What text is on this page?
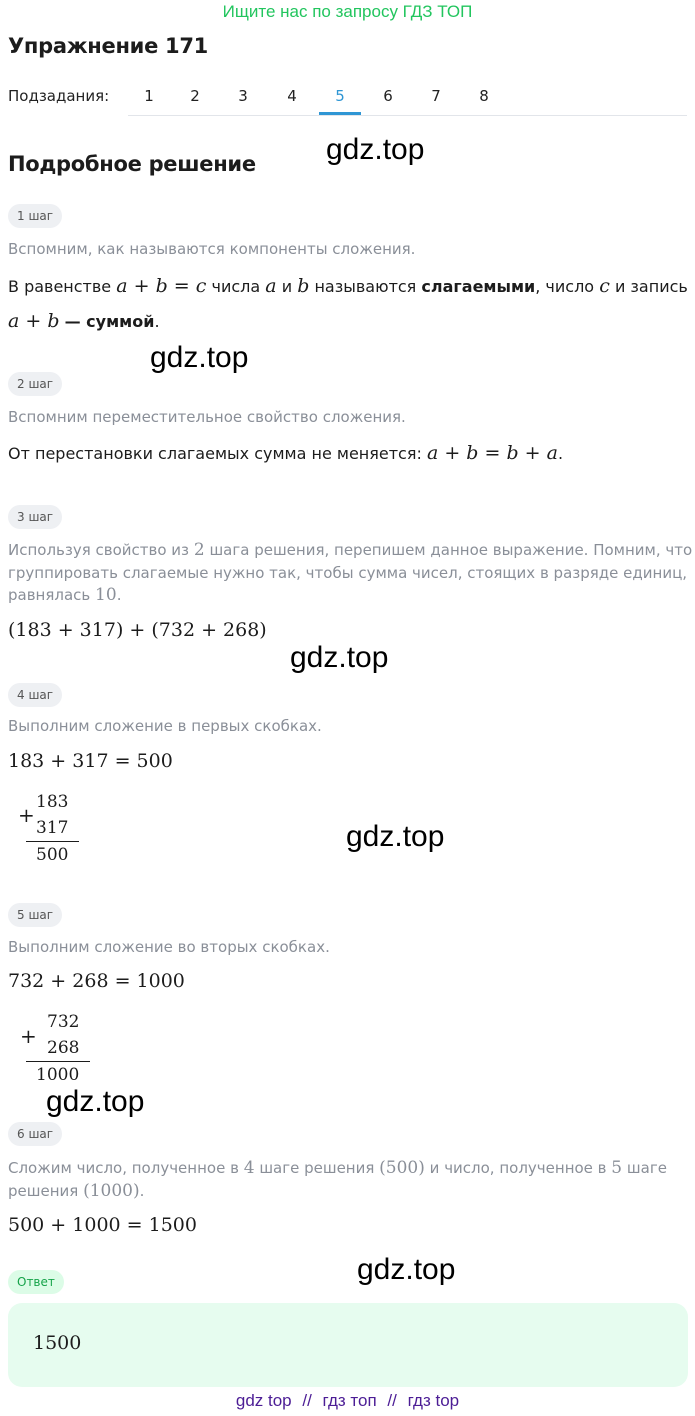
Ищите нас по запросу ГДЗ ТОП
Упражнение 171
Подзадания:	1	2	3	4	5	6	7	8
Подробное решение gdz.top
gdz.top
gdz.top
gdz.top
gdz.top
gdz.top
1 шаг
Вспомним, как называются компоненты сложения.
В равенстве a + b = c числа a и b называются слагаемыми, число c и запись
a + b — суммой.
2 шаг
Вспомним переместительное свойство сложения.
От перестановки слагаемых сумма не меняется: a + b = b + a.
3 шаг
Используя свойство из 2 шага решения, перепишем данное выражение. Помним, что
группировать слагаемые нужно так, чтобы сумма чисел, стоящих в разряде единиц,
равнялась 10.
(183 + 317) + (732 + 268)
4 шаг
Выполним сложение в первых скобках.
183 + 317 = 500
+
183
317
500
5 шаг
Выполним сложение во вторых скобках.
732 + 268 = 1000
+
732
268
1000
6 шаг
Сложим число, полученное в 4 шаге решения (500) и число, полученное в 5 шаге
решения (1000).
500 + 1000 = 1500
Ответ
1500
gdz top // гдз топ // гдз top
